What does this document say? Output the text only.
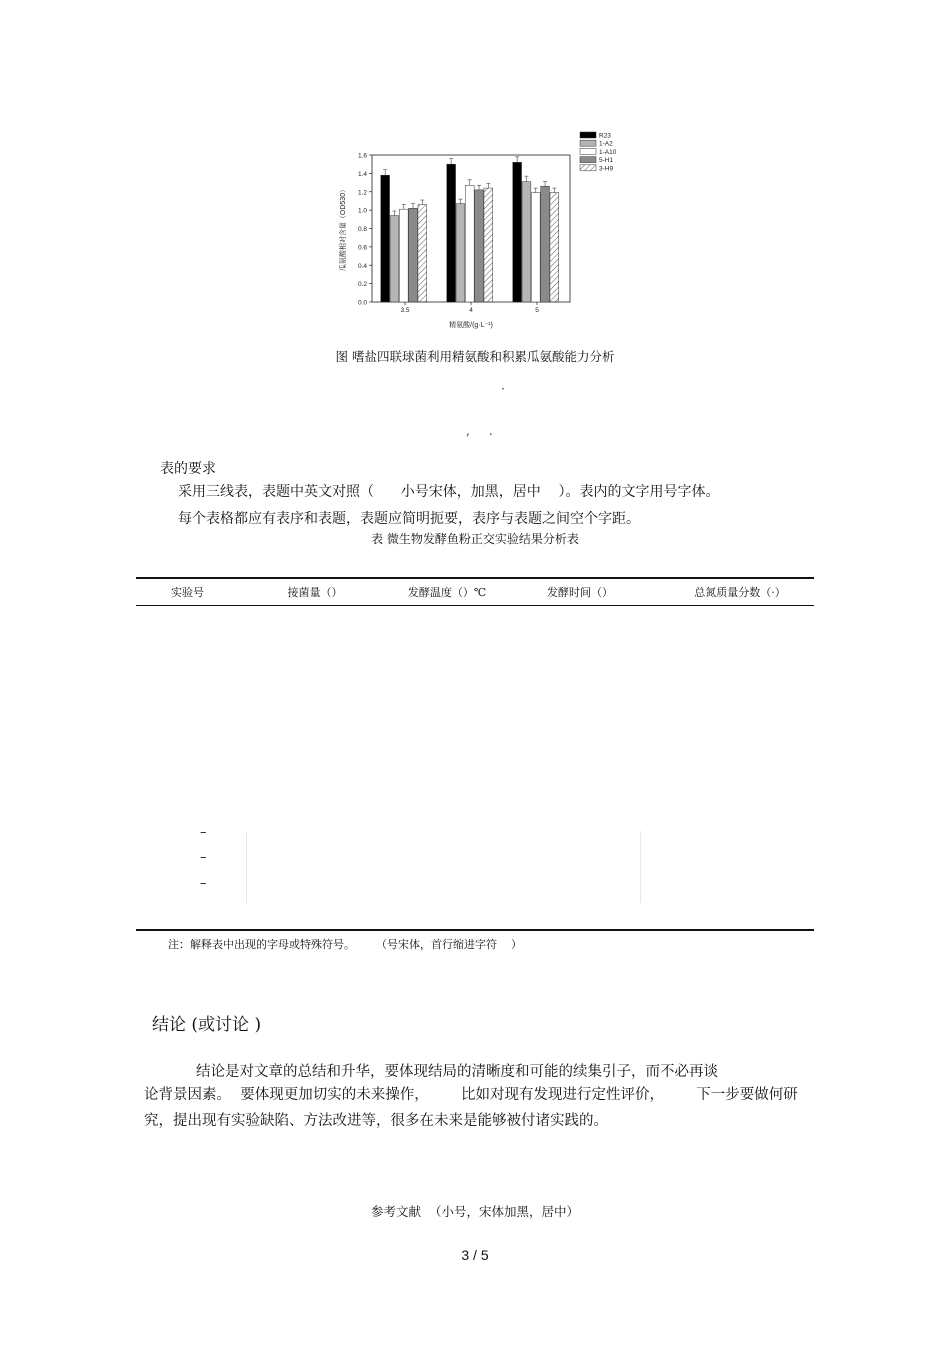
0.0
0.2
0.4
0.6
0.8
1.0
1.2
1.4
1.6
3.5	4	5
精氨酸/(g·L⁻¹)
瓜氨酸相对含量（OD530）
R23
1-A2
1-A10
5-H1
3-H9
图 嗜盐四联球菌利用精氨酸和积累瓜氨酸能力分析
·
,     .
表的要求
采用三线表，表题中英文对照（      小号宋体，加黑，居中    ）。表内的文字用号字体。
每个表格都应有表序和表题，表题应简明扼要，表序与表题之间空个字距。
表 微生物发酵鱼粉正交实验结果分析表
实验号	接菌量（）	发酵温度（）℃	发酵时间（）	总氮质量分数（·）
–
–
–
注：解释表中出现的字母或特殊符号。      （号宋体，首行缩进字符    ）
结论 (或讨论 )
结论是对文章的总结和升华，要体现结局的清晰度和可能的续集引子，而不必再谈
论背景因素。  要体现更加切实的未来操作，       比如对现有发现进行定性评价，       下一步要做何研
究，提出现有实验缺陷、方法改进等，很多在未来是能够被付诸实践的。
参考文献  （小号，宋体加黑，居中）
3 / 5
